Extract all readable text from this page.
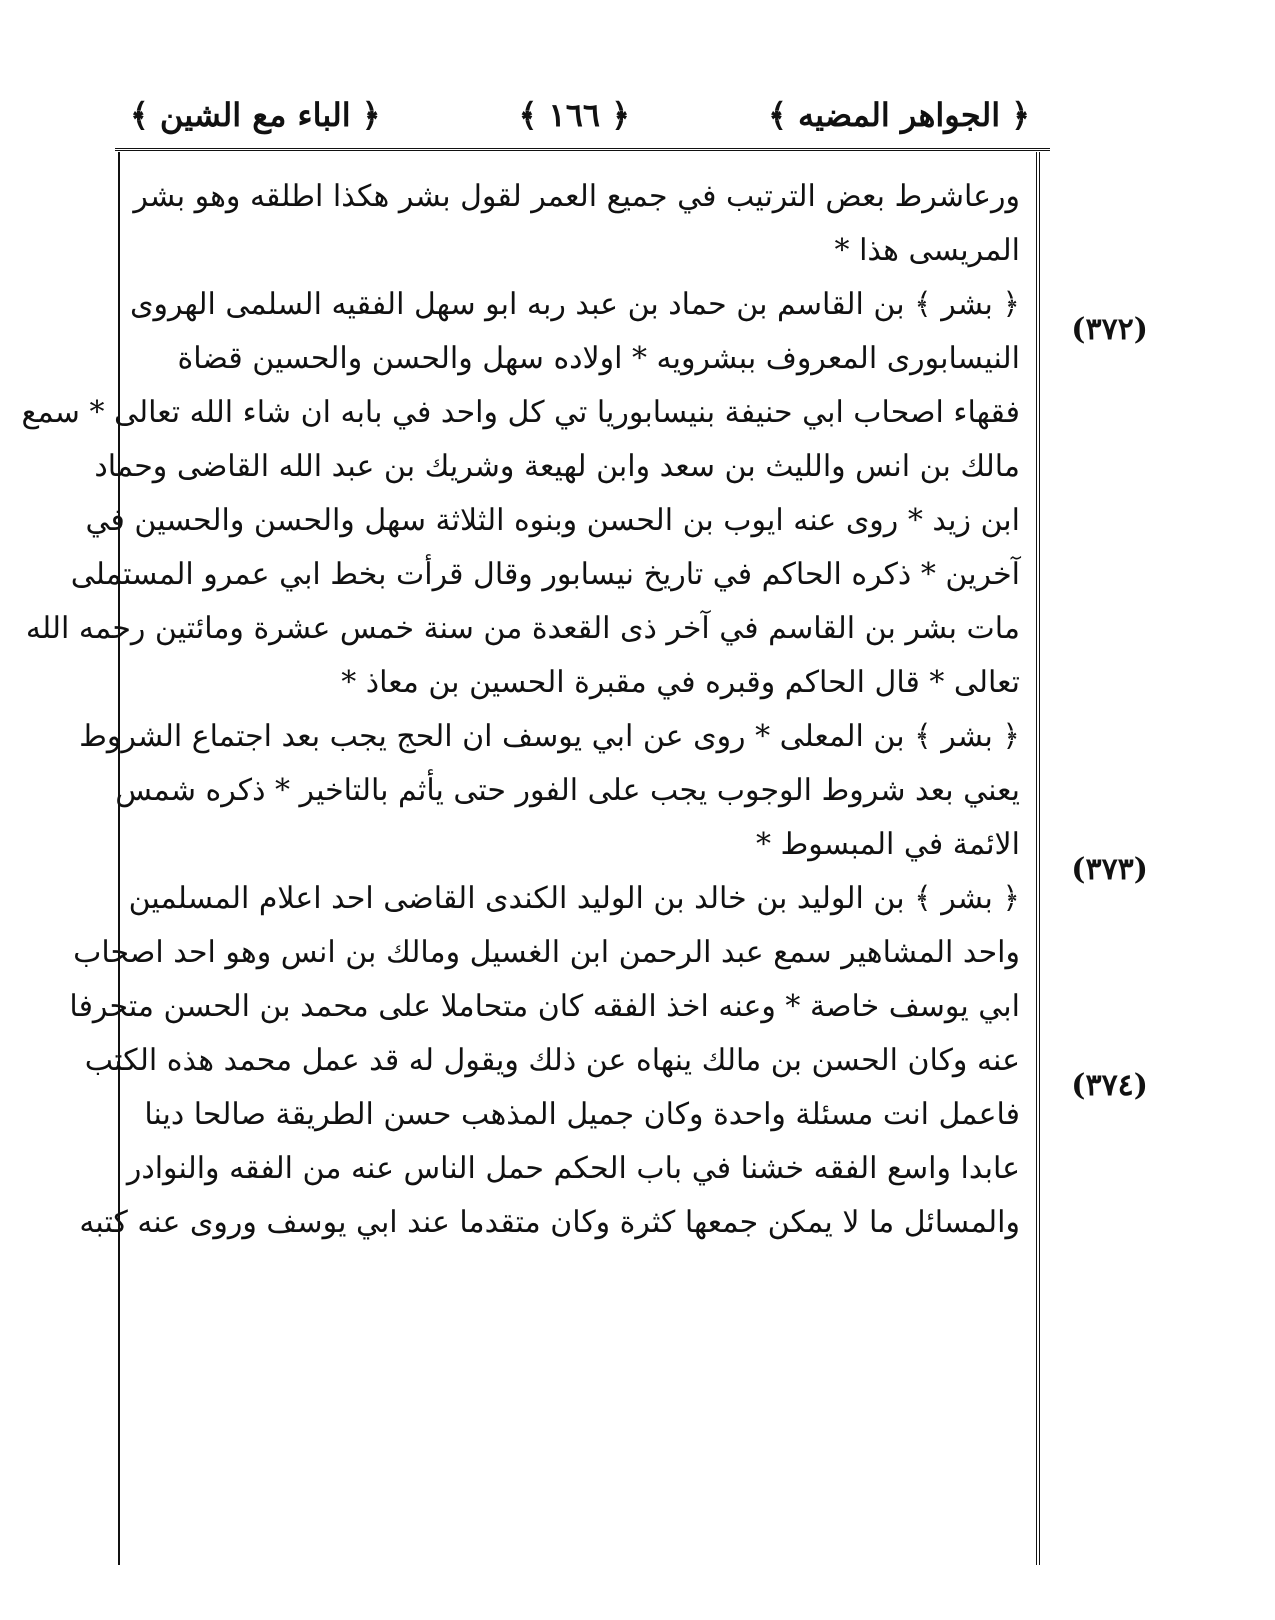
﴿ الجواهر المضيه ﴾
﴿ ١٦٦ ﴾
﴿ الباء مع الشين ﴾
(٣٧٢)
(٣٧٣)
(٣٧٤)
ورعاشرط بعض الترتيب في جميع العمر لقول بشر هكذا اطلقه وهو بشر
المريسى هذا *
﴿ بشر ﴾ بن القاسم بن حماد بن عبد ربه ابو سهل الفقيه السلمى الهروى
النيسابورى المعروف ببشرويه * اولاده سهل والحسن والحسين قضاة
فقهاء اصحاب ابي حنيفة بنيسابوريا تي كل واحد في بابه ان شاء الله تعالى * سمع
مالك بن انس والليث بن سعد وابن لهيعة وشريك بن عبد الله القاضى وحماد
ابن زيد * روى عنه ايوب بن الحسن وبنوه الثلاثة سهل والحسن والحسين في
آخرين * ذكره الحاكم في تاريخ نيسابور وقال قرأت بخط ابي عمرو المستملى
مات بشر بن القاسم في آخر ذى القعدة من سنة خمس عشرة ومائتين رحمه الله
تعالى * قال الحاكم وقبره في مقبرة الحسين بن معاذ *
﴿ بشر ﴾ بن المعلى * روى عن ابي يوسف ان الحج يجب بعد اجتماع الشروط
يعني بعد شروط الوجوب يجب على الفور حتى يأثم بالتاخير * ذكره شمس
الائمة في المبسوط *
﴿ بشر ﴾ بن الوليد بن خالد بن الوليد الكندى القاضى احد اعلام المسلمين
واحد المشاهير سمع عبد الرحمن ابن الغسيل ومالك بن انس وهو احد اصحاب
ابي يوسف خاصة * وعنه اخذ الفقه كان متحاملا على محمد بن الحسن متحرفا
عنه وكان الحسن بن مالك ينهاه عن ذلك ويقول له قد عمل محمد هذه الكتب
فاعمل انت مسئلة واحدة وكان جميل المذهب حسن الطريقة صالحا دينا
عابدا واسع الفقه خشنا في باب الحكم حمل الناس عنه من الفقه والنوادر
والمسائل ما لا يمكن جمعها كثرة وكان متقدما عند ابي يوسف وروى عنه كتبه
